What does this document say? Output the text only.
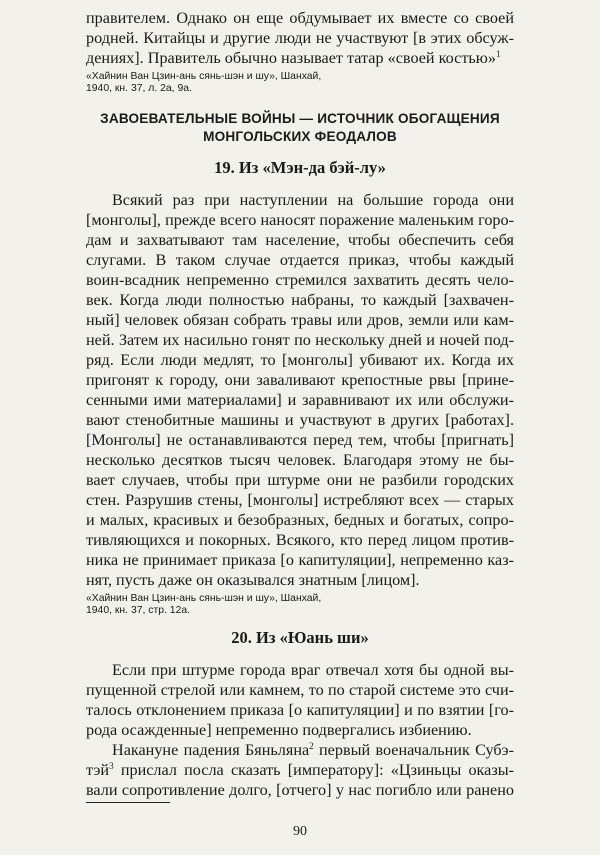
правителем. Однако он еще обдумывает их вместе со своей
родней. Китайцы и другие люди не участвуют [в этих обсуж-
дениях]. Правитель обычно называет татар «своей костью»$^1$
«Хайнин Ван Цзин-ань сянь-шэн и шу», Шанхай,
1940, кн. 37, л. 2а, 9а.
ЗАВОЕВАТЕЛЬНЫЕ ВОЙНЫ — ИСТОЧНИК ОБОГАЩЕНИЯ
МОНГОЛЬСКИХ ФЕОДАЛОВ
19. Из «Мэн-да бэй-лу»
Всякий раз при наступлении на большие города они
[монголы], прежде всего наносят поражение маленьким горо-
дам и захватывают там население, чтобы обеспечить себя
слугами. В таком случае отдается приказ, чтобы каждый
воин-всадник непременно стремился захватить десять чело-
век. Когда люди полностью набраны, то каждый [захвачен-
ный] человек обязан собрать травы или дров, земли или кам-
ней. Затем их насильно гонят по нескольку дней и ночей под-
ряд. Если люди медлят, то [монголы] убивают их. Когда их
пригонят к городу, они заваливают крепостные рвы [прине-
сенными ими материалами] и заравнивают их или обслужи-
вают стенобитные машины и участвуют в других [работах].
[Монголы] не останавливаются перед тем, чтобы [пригнать]
несколько десятков тысяч человек. Благодаря этому не бы-
вает случаев, чтобы при штурме они не разбили городских
стен. Разрушив стены, [монголы] истребляют всех — старых
и малых, красивых и безобразных, бедных и богатых, сопро-
тивляющихся и покорных. Всякого, кто перед лицом против-
ника не принимает приказа [о капитуляции], непременно каз-
нят, пусть даже он оказывался знатным [лицом].
«Хайнин Ван Цзин-ань сянь-шэн и шу», Шанхай,
1940, кн. 37, стр. 12а.
20. Из «Юань ши»
Если при штурме города враг отвечал хотя бы одной вы-
пущенной стрелой или камнем, то по старой системе это счи-
талось отклонением приказа [о капитуляции] и по взятии [го-
рода осажденные] непременно подвергались избиению.
Накануне падения Бяньляна$^2$ первый военачальник Субэ-
тэй$^3$ прислал посла сказать [императору]: «Цзиньцы оказы-
вали сопротивление долго, [отчего] у нас погибло или ранено
90
